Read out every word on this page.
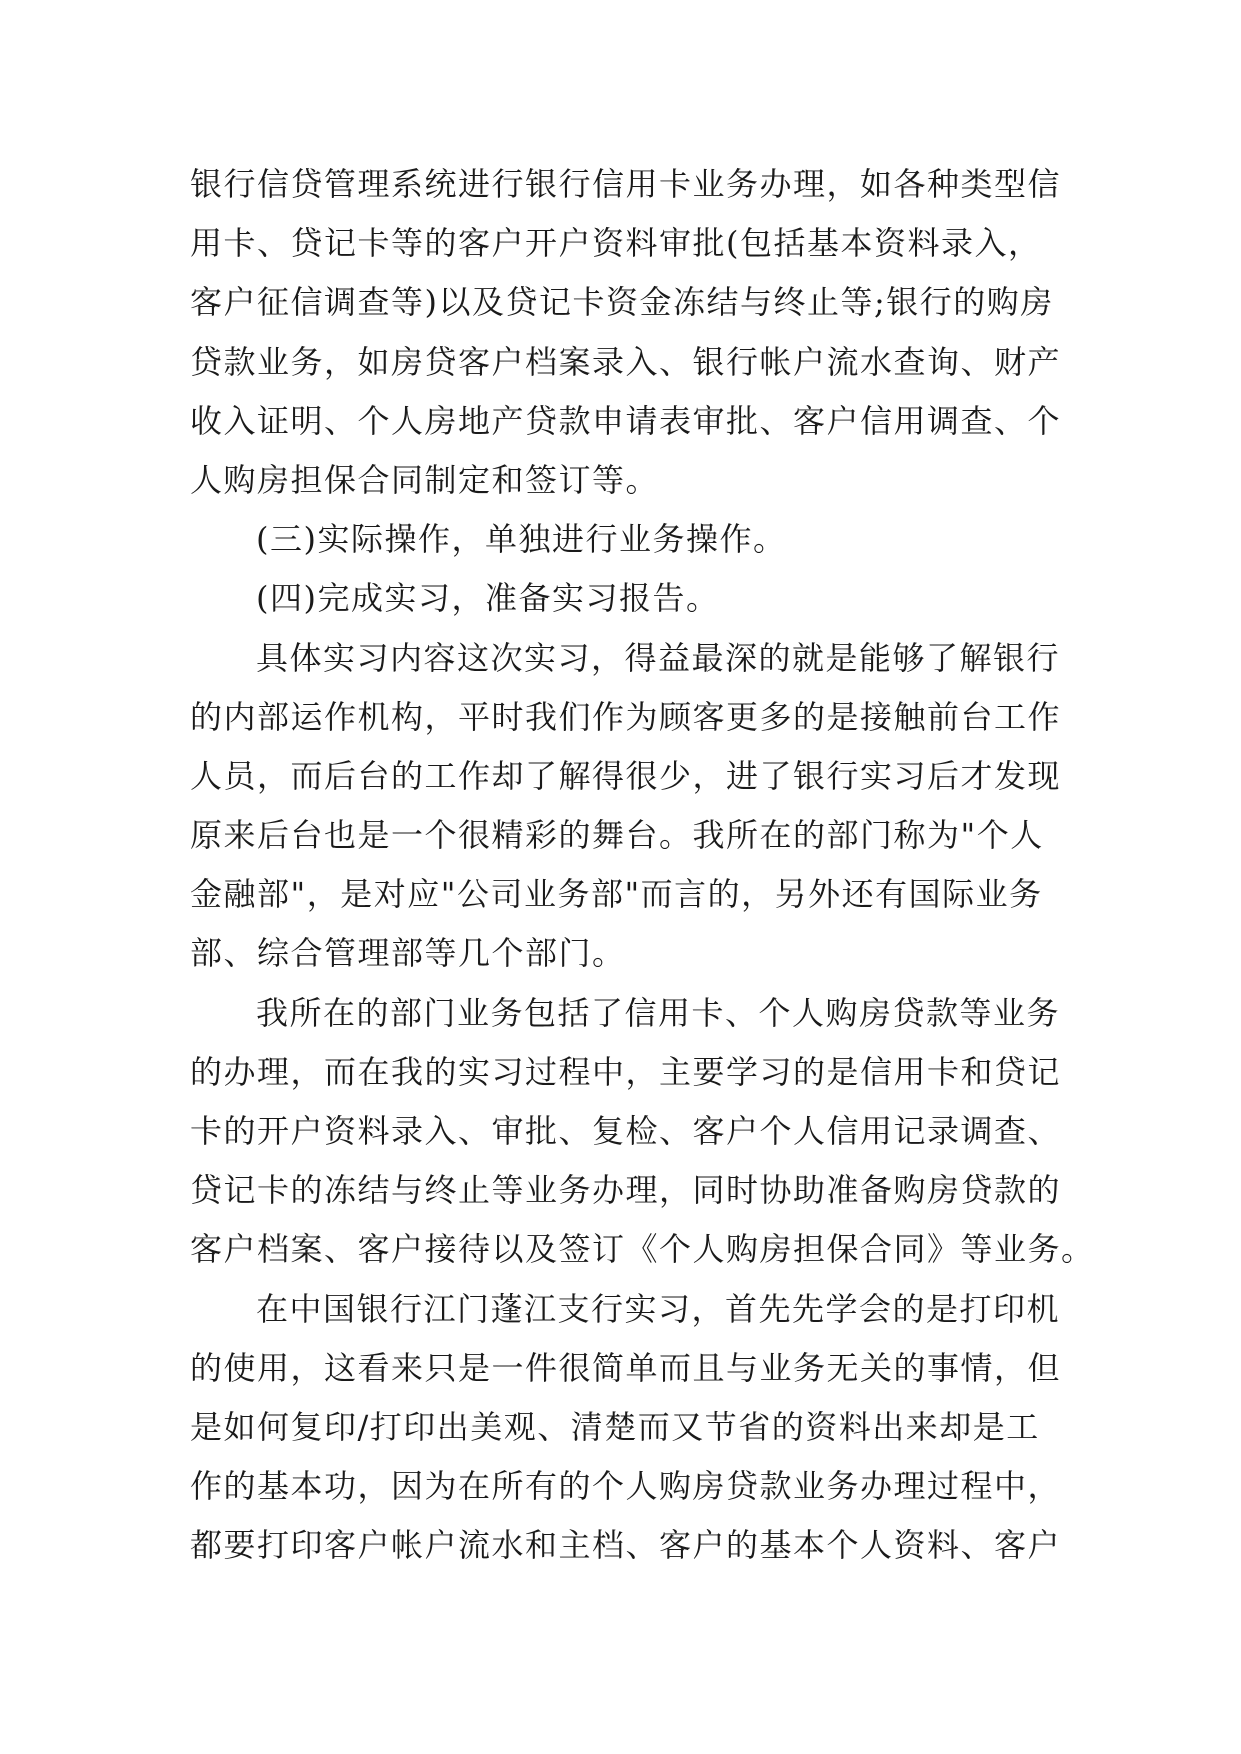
银行信贷管理系统进行银行信用卡业务办理，如各种类型信
用卡、贷记卡等的客户开户资料审批(包括基本资料录入，
客户征信调查等)以及贷记卡资金冻结与终止等;银行的购房
贷款业务，如房贷客户档案录入、银行帐户流水查询、财产
收入证明、个人房地产贷款申请表审批、客户信用调查、个
人购房担保合同制定和签订等。
(三)实际操作，单独进行业务操作。
(四)完成实习，准备实习报告。
具体实习内容这次实习，得益最深的就是能够了解银行
的内部运作机构，平时我们作为顾客更多的是接触前台工作
人员，而后台的工作却了解得很少，进了银行实习后才发现
原来后台也是一个很精彩的舞台。我所在的部门称为"个人
金融部"，是对应"公司业务部"而言的，另外还有国际业务
部、综合管理部等几个部门。
我所在的部门业务包括了信用卡、个人购房贷款等业务
的办理，而在我的实习过程中，主要学习的是信用卡和贷记
卡的开户资料录入、审批、复检、客户个人信用记录调查、
贷记卡的冻结与终止等业务办理，同时协助准备购房贷款的
客户档案、客户接待以及签订《个人购房担保合同》等业务。
在中国银行江门蓬江支行实习，首先先学会的是打印机
的使用，这看来只是一件很简单而且与业务无关的事情，但
是如何复印/打印出美观、清楚而又节省的资料出来却是工
作的基本功，因为在所有的个人购房贷款业务办理过程中，
都要打印客户帐户流水和主档、客户的基本个人资料、客户
